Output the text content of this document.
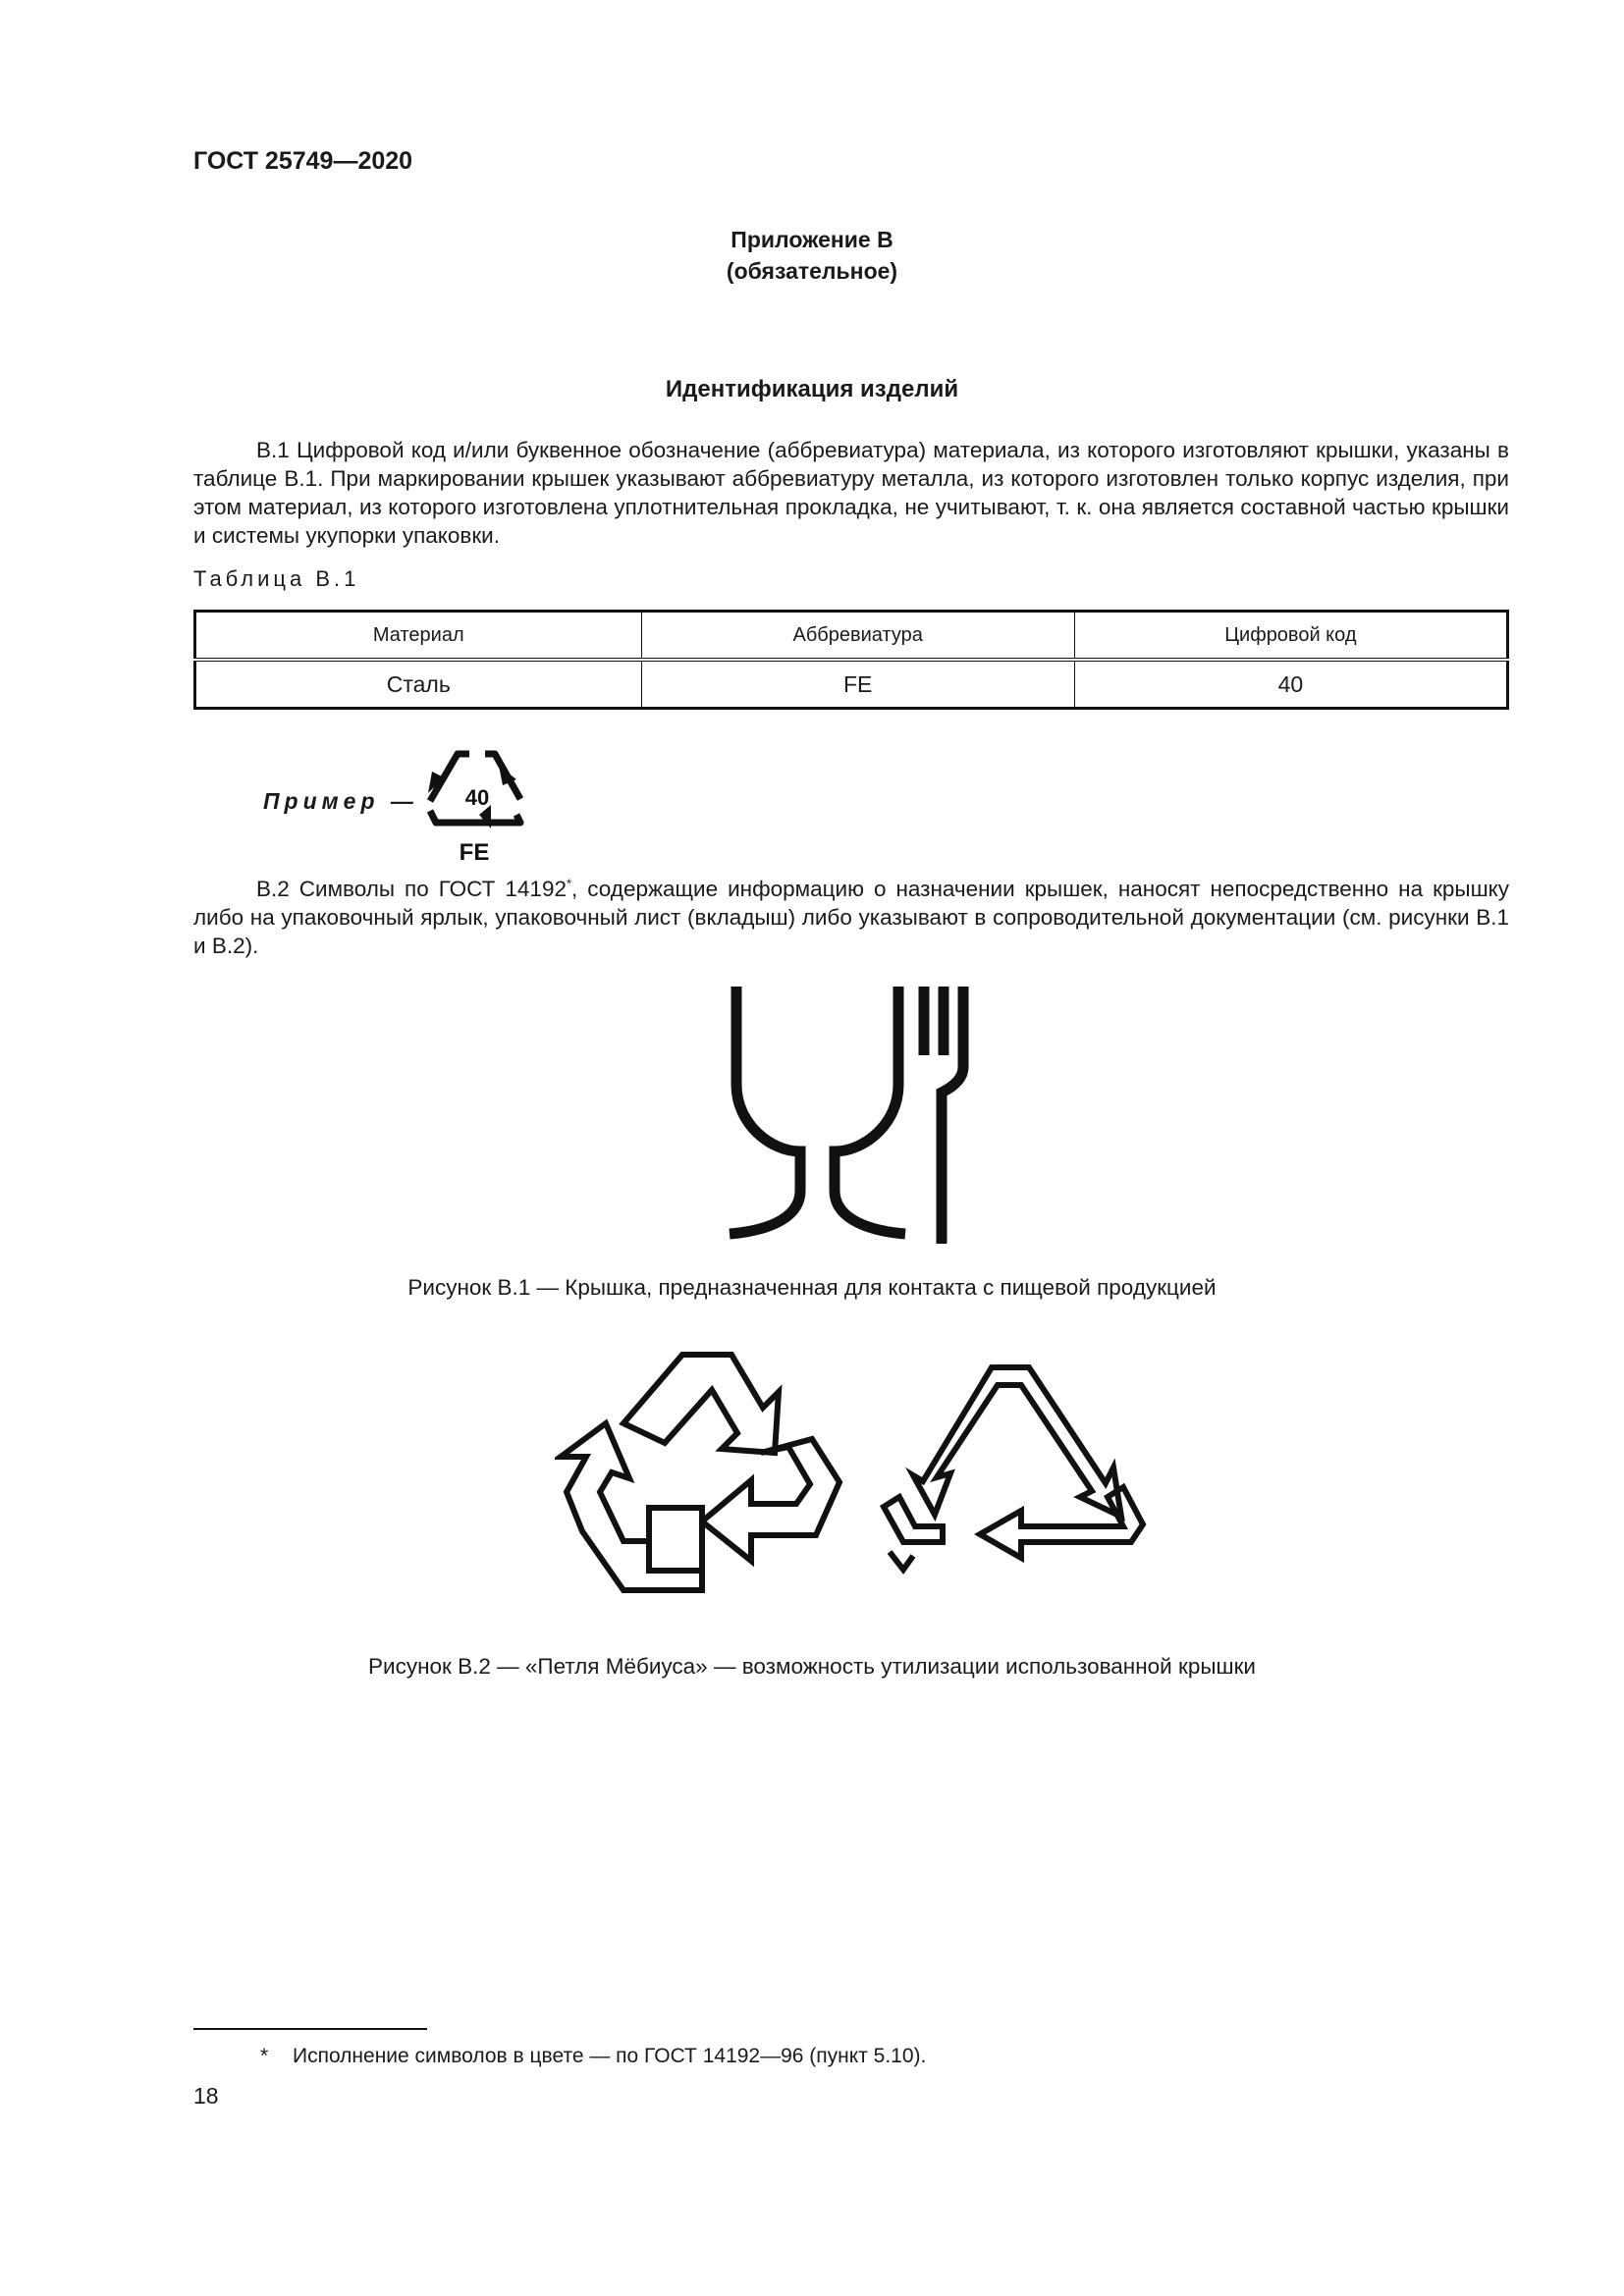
ГОСТ 25749—2020
Приложение В
(обязательное)
Идентификация изделий

В.1 Цифровой код и/или буквенное обозначение (аббревиатура) материала, из которого изготовляют крышки, указаны в таблице В.1. При маркировании крышек указывают аббревиатуру металла, из которого изготовлен только корпус изделия, при этом материал, из которого изготовлена уплотнительная прокладка, не учитывают, т. к. она является составной частью крышки и системы укупорки упаковки.

Таблица В.1
Материал	Аббревиатура	Цифровой код
Сталь	FE	40
Пример — 40
FE

В.2 Символы по ГОСТ 14192*, содержащие информацию о назначении крышек, наносят непосредственно на крышку либо на упаковочный ярлык, упаковочный лист (вкладыш) либо указывают в сопроводительной документации (см. рисунки В.1 и В.2).

Рисунок В.1 — Крышка, предназначенная для контакта с пищевой продукцией
Рисунок В.2 — «Петля Мёбиуса» — возможность утилизации использованной крышки
* Исполнение символов в цвете — по ГОСТ 14192—96 (пункт 5.10).
18
